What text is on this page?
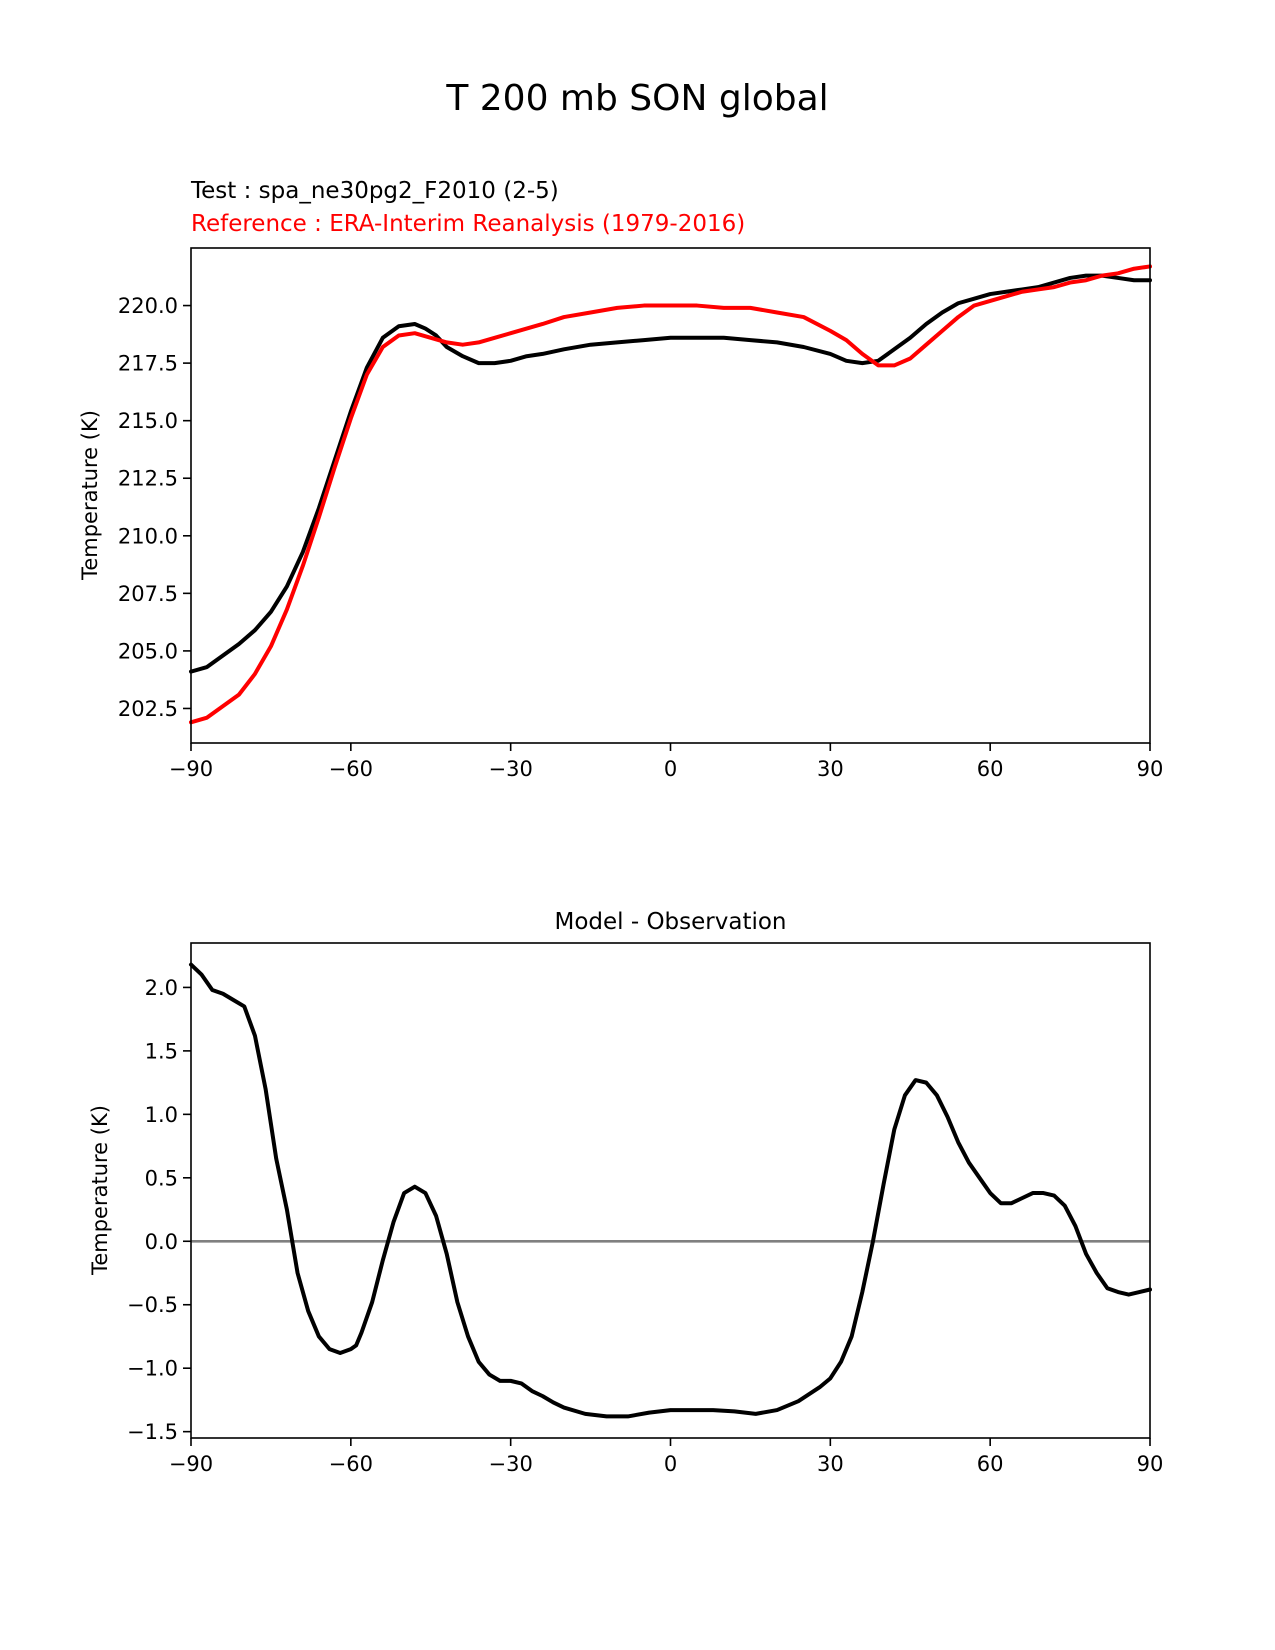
T 200 mb SON global
Test : spa_ne30pg2_F2010 (2-5)
Reference : ERA-Interim Reanalysis (1979-2016)
−90	−60	−30	0	30	60	90
202.5
205.0
207.5
210.0
212.5
215.0
217.5
220.0
Temperature (K)
Model - Observation
−90	−60	−30	0	30	60	90
−1.5
−1.0
−0.5
0.0
0.5
1.0
1.5
2.0
Temperature (K)
